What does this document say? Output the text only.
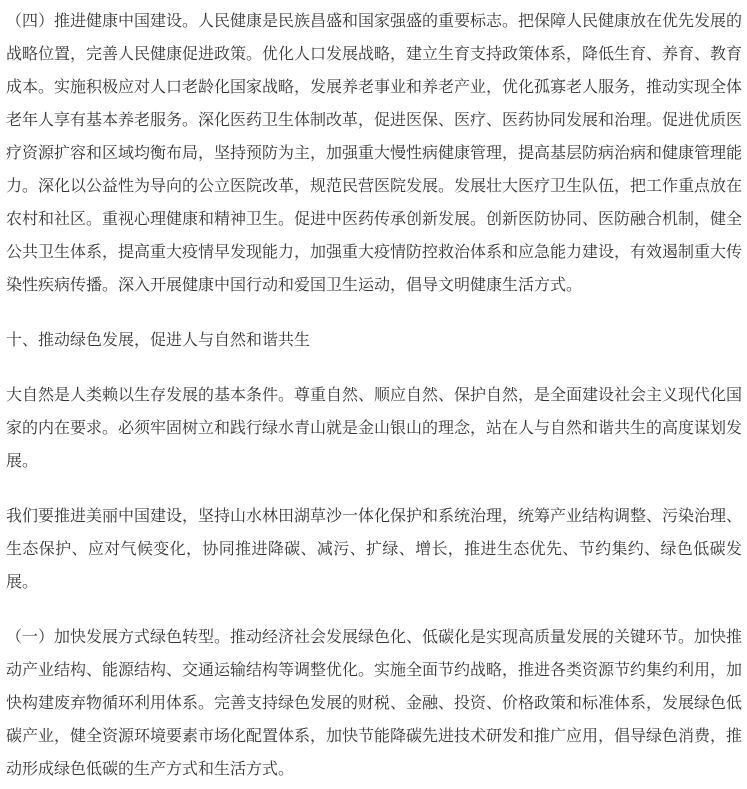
（四）推进健康中国建设。人民健康是民族昌盛和国家强盛的重要标志。把保障人民健康放在优先发展的战略位置，完善人民健康促进政策。优化人口发展战略，建立生育支持政策体系，降低生育、养育、教育成本。实施积极应对人口老龄化国家战略，发展养老事业和养老产业，优化孤寡老人服务，推动实现全体老年人享有基本养老服务。深化医药卫生体制改革，促进医保、医疗、医药协同发展和治理。促进优质医疗资源扩容和区域均衡布局，坚持预防为主，加强重大慢性病健康管理，提高基层防病治病和健康管理能力。深化以公益性为导向的公立医院改革，规范民营医院发展。发展壮大医疗卫生队伍，把工作重点放在农村和社区。重视心理健康和精神卫生。促进中医药传承创新发展。创新医防协同、医防融合机制，健全公共卫生体系，提高重大疫情早发现能力，加强重大疫情防控救治体系和应急能力建设，有效遏制重大传染性疾病传播。深入开展健康中国行动和爱国卫生运动，倡导文明健康生活方式。

十、推动绿色发展，促进人与自然和谐共生

大自然是人类赖以生存发展的基本条件。尊重自然、顺应自然、保护自然，是全面建设社会主义现代化国家的内在要求。必须牢固树立和践行绿水青山就是金山银山的理念，站在人与自然和谐共生的高度谋划发展。

我们要推进美丽中国建设，坚持山水林田湖草沙一体化保护和系统治理，统筹产业结构调整、污染治理、生态保护、应对气候变化，协同推进降碳、减污、扩绿、增长，推进生态优先、节约集约、绿色低碳发展。

（一）加快发展方式绿色转型。推动经济社会发展绿色化、低碳化是实现高质量发展的关键环节。加快推动产业结构、能源结构、交通运输结构等调整优化。实施全面节约战略，推进各类资源节约集约利用，加快构建废弃物循环利用体系。完善支持绿色发展的财税、金融、投资、价格政策和标准体系，发展绿色低碳产业，健全资源环境要素市场化配置体系，加快节能降碳先进技术研发和推广应用，倡导绿色消费，推动形成绿色低碳的生产方式和生活方式。
